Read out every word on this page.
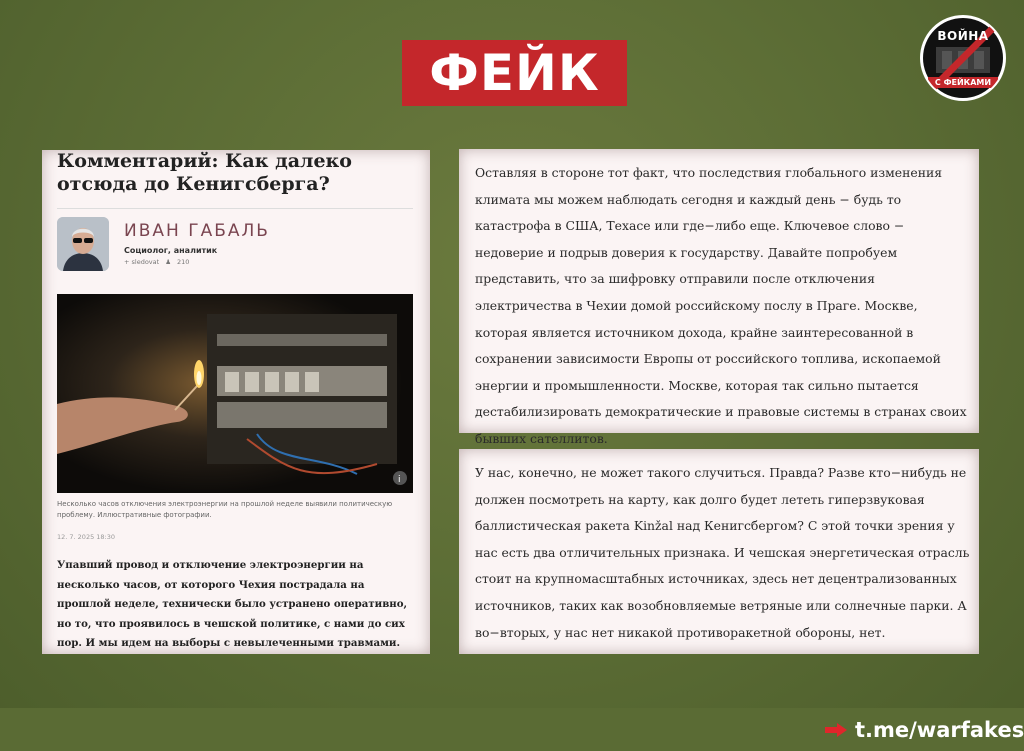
ФЕЙК
ВОЙНА
С ФЕЙКАМИ
Комментарий: Как далеко отсюда до Кенигсберга?
ИВАН ГАБАЛЬ
Социолог, аналитик
+ sledovat ♟ 210
i
Несколько часов отключения электроэнергии на прошлой неделе выявили политическую проблему. Иллюстративные фотографии.
12. 7. 2025 18:30
Упавший провод и отключение электроэнергии на несколько часов, от которого Чехия пострадала на прошлой неделе, технически было устранено оперативно, но то, что проявилось в чешской политике, с нами до сих пор. И мы идем на выборы с невылеченными травмами.
Оставляя в стороне тот факт, что последствия глобального изменения климата мы можем наблюдать сегодня и каждый день − будь то катастрофа в США, Техасе или где−либо еще. Ключевое слово − недоверие и подрыв доверия к государству. Давайте попробуем представить, что за шифровку отправили после отключения электричества в Чехии домой российскому послу в Праге. Москве, которая является источником дохода, крайне заинтересованной в сохранении зависимости Европы от российского топлива, ископаемой энергии и промышленности. Москве, которая так сильно пытается дестабилизировать демократические и правовые системы в странах своих бывших сателлитов.
У нас, конечно, не может такого случиться. Правда? Разве кто−нибудь не должен посмотреть на карту, как долго будет лететь гиперзвуковая баллистическая ракета Kinžal над Кенигсбергом? С этой точки зрения у нас есть два отличительных признака. И чешская энергетическая отрасль стоит на крупномасштабных источниках, здесь нет децентрализованных источников, таких как возобновляемые ветряные или солнечные парки. А во−вторых, у нас нет никакой противоракетной обороны, нет.
t.me/warfakes
